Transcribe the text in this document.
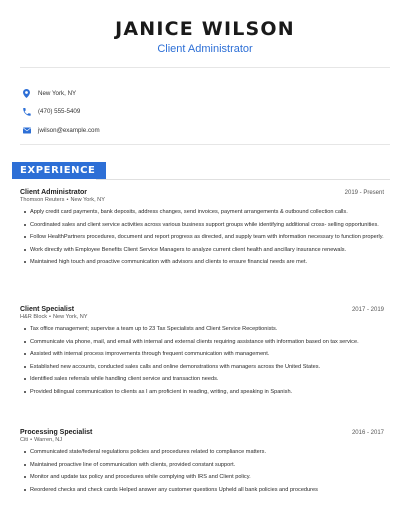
JANICE WILSON
Client Administrator
New York, NY
(470) 555-5409
jwilson@example.com
EXPERIENCE
Client Administrator	2019 - Present
Thomson Reuters • New York, NY
Apply credit card payments, bank deposits, address changes, send invoices, payment arrangements & outbound collection calls.
Coordinated sales and client service activities across various business support groups while identifying additional cross- selling opportunities.
Follow HealthPartners procedures, document and report progress as directed, and supply team with information necessary to function properly.
Work directly with Employee Benefits Client Service Managers to analyze current client health and ancillary insurance renewals.
Maintained high touch and proactive communication with advisors and clients to ensure financial needs are met.
Client Specialist	2017 - 2019
H&R Block • New York, NY
Tax office management; supervise a team up to 23 Tax Specialists and Client Service Receptionists.
Communicate via phone, mail, and email with internal and external clients requiring assistance with information based on tax service.
Assisted with internal process improvements through frequent communication with management.
Established new accounts, conducted sales calls and online demonstrations with managers across the United States.
Identified sales referrals while handling client service and transaction needs.
Provided bilingual communication to clients as I am proficient in reading, writing, and speaking in Spanish.
Processing Specialist	2016 - 2017
Citi • Warren, NJ
Communicated state/federal regulations policies and procedures related to compliance matters.
Maintained proactive line of communication with clients, provided constant support.
Monitor and update tax policy and procedures while complying with IRS and Client policy.
Reordered checks and check cards Helped answer any customer questions Upheld all bank policies and procedures
